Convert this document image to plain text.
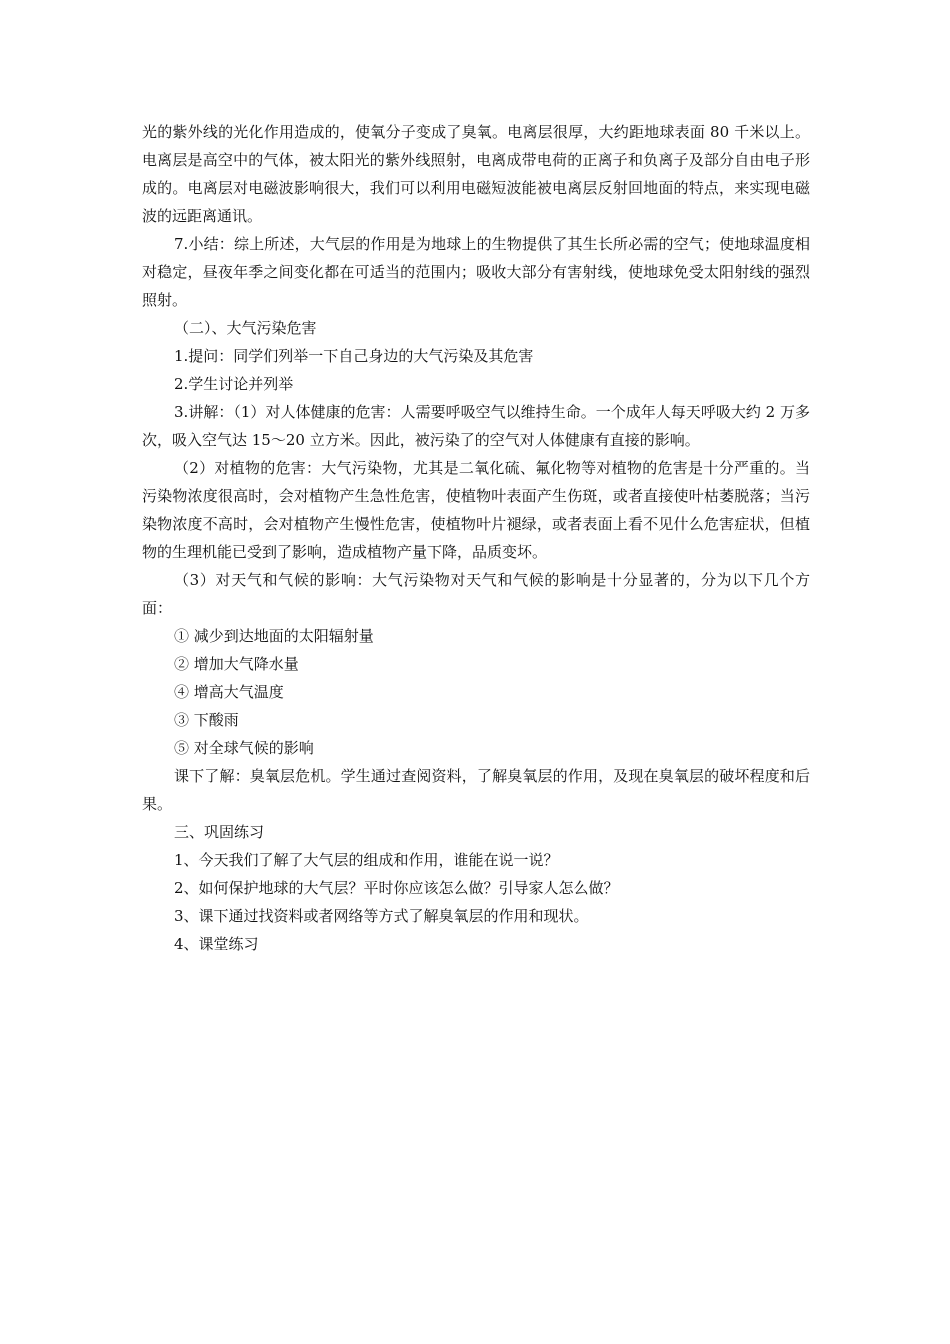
光的紫外线的光化作用造成的，使氧分子变成了臭氧。电离层很厚，大约距地球表面 80 千米以上。电离层是高空中的气体，被太阳光的紫外线照射，电离成带电荷的正离子和负离子及部分自由电子形成的。电离层对电磁波影响很大，我们可以利用电磁短波能被电离层反射回地面的特点，来实现电磁波的远距离通讯。

7.小结：综上所述，大气层的作用是为地球上的生物提供了其生长所必需的空气；使地球温度相对稳定，昼夜年季之间变化都在可适当的范围内；吸收大部分有害射线，使地球免受太阳射线的强烈照射。

（二）、大气污染危害

1.提问：同学们列举一下自己身边的大气污染及其危害

2.学生讨论并列举

3.讲解：（1）对人体健康的危害：人需要呼吸空气以维持生命。一个成年人每天呼吸大约 2 万多次，吸入空气达 15～20 立方米。因此，被污染了的空气对人体健康有直接的影响。

（2）对植物的危害：大气污染物，尤其是二氧化硫、氟化物等对植物的危害是十分严重的。当污染物浓度很高时，会对植物产生急性危害，使植物叶表面产生伤斑，或者直接使叶枯萎脱落；当污染物浓度不高时，会对植物产生慢性危害，使植物叶片褪绿，或者表面上看不见什么危害症状，但植物的生理机能已受到了影响，造成植物产量下降，品质变坏。

（3）对天气和气候的影响：大气污染物对天气和气候的影响是十分显著的，分为以下几个方面：

① 减少到达地面的太阳辐射量

② 增加大气降水量

④ 增高大气温度

③ 下酸雨

⑤ 对全球气候的影响

课下了解：臭氧层危机。学生通过查阅资料，了解臭氧层的作用，及现在臭氧层的破坏程度和后果。

三、巩固练习

1、今天我们了解了大气层的组成和作用，谁能在说一说？

2、如何保护地球的大气层？平时你应该怎么做？引导家人怎么做？

3、课下通过找资料或者网络等方式了解臭氧层的作用和现状。

4、课堂练习
